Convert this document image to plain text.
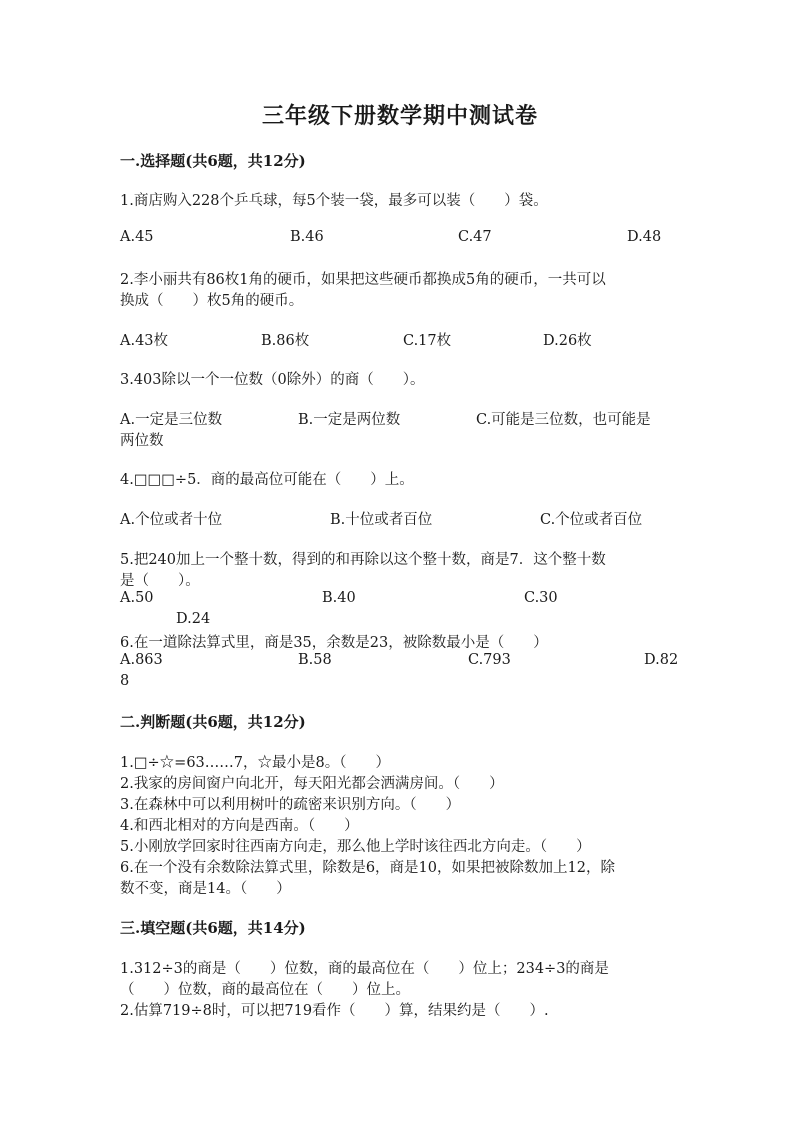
三年级下册数学期中测试卷
一.选择题(共6题，共12分)
1.商店购入228个乒乓球，每5个装一袋，最多可以装（　　）袋。
A.45	B.46	C.47	D.48
2.李小丽共有86枚1角的硬币，如果把这些硬币都换成5角的硬币，一共可以
换成（　　）枚5角的硬币。
A.43枚	B.86枚	C.17枚	D.26枚
3.403除以一个一位数（0除外）的商（　　）。
A.一定是三位数	B.一定是两位数	C.可能是三位数，也可能是
两位数
4.□□□÷5．商的最高位可能在（　　）上。
A.个位或者十位	B.十位或者百位	C.个位或者百位
5.把240加上一个整十数，得到的和再除以这个整十数，商是7．这个整十数
是（　　）。
A.50	B.40	C.30
D.24
6.在一道除法算式里，商是35，余数是23，被除数最小是（　　）
A.863	B.58	C.793	D.82
8
二.判断题(共6题，共12分)
1.□÷☆=63……7，☆最小是8。（　　）
2.我家的房间窗户向北开，每天阳光都会洒满房间。（　　）
3.在森林中可以利用树叶的疏密来识别方向。（　　）
4.和西北相对的方向是西南。（　　）
5.小刚放学回家时往西南方向走，那么他上学时该往西北方向走。（　　）
6.在一个没有余数除法算式里，除数是6，商是10，如果把被除数加上12，除
数不变，商是14。（　　）
三.填空题(共6题，共14分)
1.312÷3的商是（　　）位数，商的最高位在（　　）位上；234÷3的商是
（　　）位数，商的最高位在（　　）位上。
2.估算719÷8时，可以把719看作（　　）算，结果约是（　　）.
